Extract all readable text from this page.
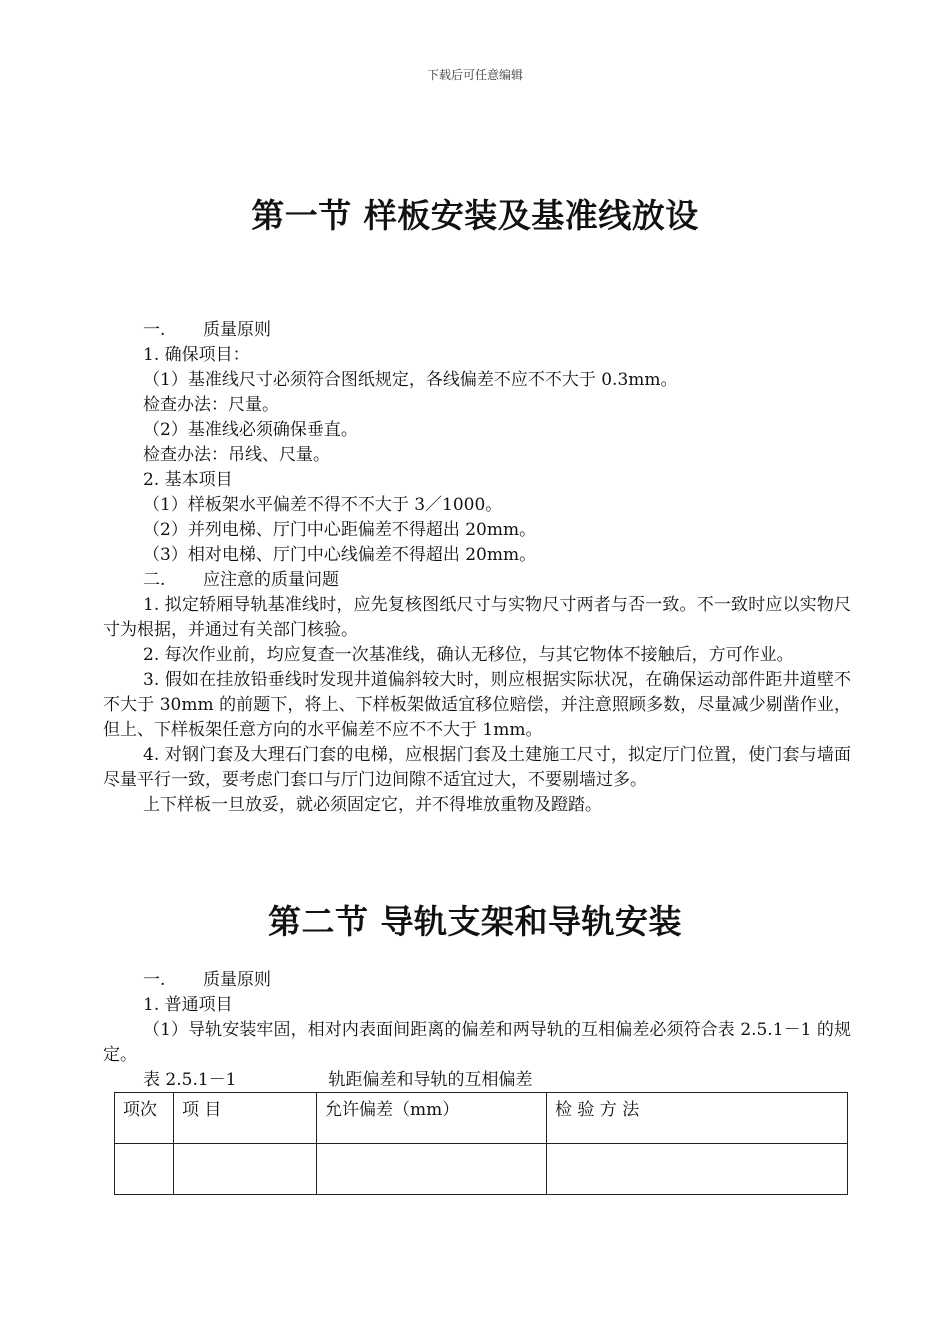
下载后可任意编辑
第一节 样板安装及基准线放设
一. 质量原则
1. 确保项目：
（1）基准线尺寸必须符合图纸规定，各线偏差不应不不大于 0.3mm。
检查办法：尺量。
（2）基准线必须确保垂直。
检查办法：吊线、尺量。
2. 基本项目
（1）样板架水平偏差不得不不大于 3／1000。
（2）并列电梯、厅门中心距偏差不得超出 20mm。
（3）相对电梯、厅门中心线偏差不得超出 20mm。
二. 应注意的质量问题

1. 拟定轿厢导轨基准线时，应先复核图纸尺寸与实物尺寸两者与否一致。不一致时应以实物尺寸为根据，并通过有关部门核验。

2. 每次作业前，均应复查一次基准线，确认无移位，与其它物体不接触后，方可作业。

3. 假如在挂放铅垂线时发现井道偏斜较大时，则应根据实际状况，在确保运动部件距井道壁不不大于 30mm 的前题下，将上、下样板架做适宜移位赔偿，并注意照顾多数，尽量减少剔凿作业，但上、下样板架任意方向的水平偏差不应不不大于 1mm。

4. 对钢门套及大理石门套的电梯，应根据门套及土建施工尺寸，拟定厅门位置，使门套与墙面尽量平行一致，要考虑门套口与厅门边间隙不适宜过大，不要剔墙过多。

上下样板一旦放妥，就必须固定它，并不得堆放重物及蹬踏。

第二节 导轨支架和导轨安装
一. 质量原则
1. 普通项目

（1）导轨安装牢固，相对内表面间距离的偏差和两导轨的互相偏差必须符合表 2.5.1－1 的规定。

表 2.5.1－1	轨距偏差和导轨的互相偏差
项次	项 目	允许偏差（mm）	检 验 方 法
